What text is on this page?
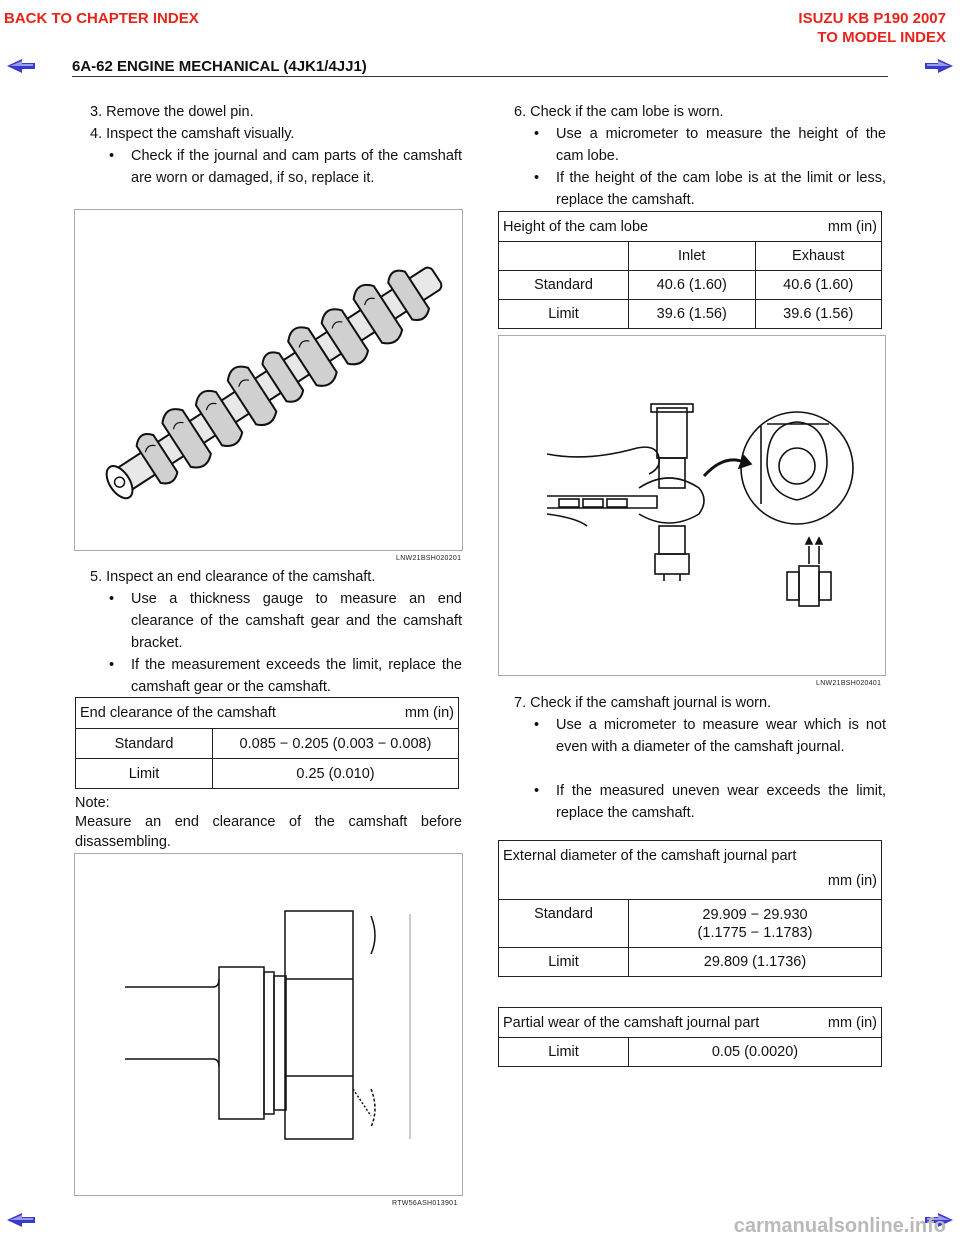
BACK TO CHAPTER INDEX	ISUZU KB P190 2007
TO MODEL INDEX
6A-62 ENGINE MECHANICAL (4JK1/4JJ1)
3. Remove the dowel pin.
4. Inspect the camshaft visually.
• Check if the journal and cam parts of the camshaft are worn or damaged, if so, replace it.
LNW21BSH020201
5. Inspect an end clearance of the camshaft.
• Use a thickness gauge to measure an end clearance of the camshaft gear and the camshaft bracket.
• If the measurement exceeds the limit, replace the camshaft gear or the camshaft.
End clearance of the camshaft mm (in)	

Standard	0.085 − 0.205 (0.003 − 0.008)
Limit	0.25 (0.010)
Note:
Measure an end clearance of the camshaft before disassembling.
RTW56ASH013901
6. Check if the cam lobe is worn.
• Use a micrometer to measure the height of the cam lobe.
• If the height of the cam lobe is at the limit or less, replace the camshaft.
Height of the cam lobe mm (in)		

	Inlet	Exhaust
Standard	40.6 (1.60)	40.6 (1.60)
Limit	39.6 (1.56)	39.6 (1.56)
LNW21BSH020401
7. Check if the camshaft journal is worn.
• Use a micrometer to measure wear which is not even with a diameter of the camshaft journal.
• If the measured uneven wear exceeds the limit, replace the camshaft.
External diameter of the camshaft journal part
mm (in)	

Standard	29.909 − 29.930
(1.1775 − 1.1783)

Limit	29.809 (1.1736)
Partial wear of the camshaft journal part	mm (in)

Limit	0.05 (0.0020)
carmanualsonline.info
